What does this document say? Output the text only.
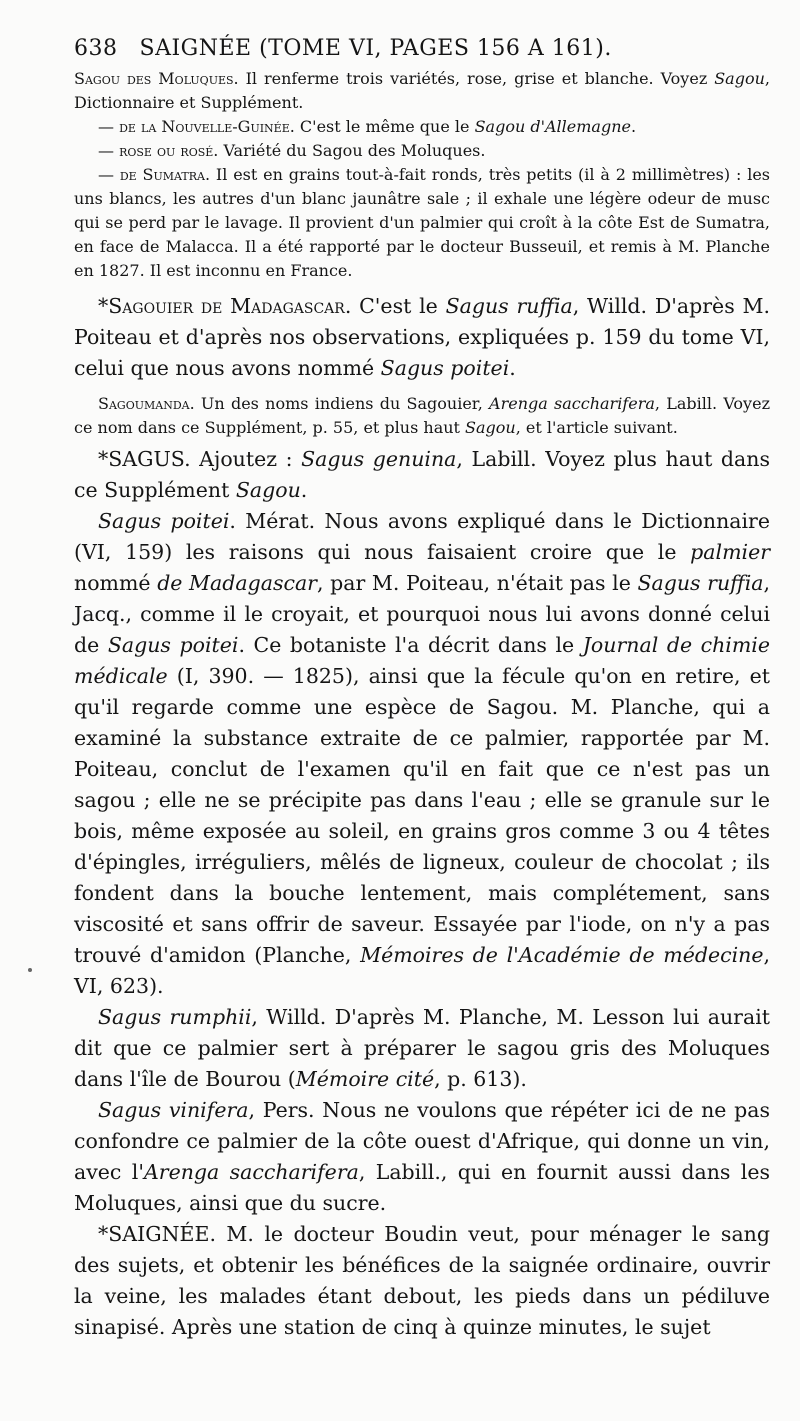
638 SAIGNÉE (TOME VI, PAGES 156 A 161).

Sagou des Moluques. Il renferme trois variétés, rose, grise et blanche. Voyez Sagou, Dictionnaire et Supplément.

— de la Nouvelle-Guinée. C'est le même que le Sagou d'Allemagne.

— rose ou rosé. Variété du Sagou des Moluques.

— de Sumatra. Il est en grains tout-à-fait ronds, très petits (il à 2 millimètres) : les uns blancs, les autres d'un blanc jaunâtre sale ; il exhale une légère odeur de musc qui se perd par le lavage. Il provient d'un palmier qui croît à la côte Est de Sumatra, en face de Malacca. Il a été rapporté par le docteur Busseuil, et remis à M. Planche en 1827. Il est inconnu en France.

*Sagouier de Madagascar. C'est le Sagus ruffia, Willd. D'après M. Poiteau et d'après nos observations, expliquées p. 159 du tome VI, celui que nous avons nommé Sagus poitei.

Sagoumanda. Un des noms indiens du Sagouier, Arenga saccharifera, Labill. Voyez ce nom dans ce Supplément, p. 55, et plus haut Sagou, et l'article suivant.

*SAGUS. Ajoutez : Sagus genuina, Labill. Voyez plus haut dans ce Supplément Sagou.

Sagus poitei. Mérat. Nous avons expliqué dans le Dictionnaire (VI, 159) les raisons qui nous faisaient croire que le palmier nommé de Madagascar, par M. Poiteau, n'était pas le Sagus ruffia, Jacq., comme il le croyait, et pourquoi nous lui avons donné celui de Sagus poitei. Ce botaniste l'a décrit dans le Journal de chimie médicale (I, 390. — 1825), ainsi que la fécule qu'on en retire, et qu'il regarde comme une espèce de Sagou. M. Planche, qui a examiné la substance extraite de ce palmier, rapportée par M. Poiteau, conclut de l'examen qu'il en fait que ce n'est pas un sagou ; elle ne se précipite pas dans l'eau ; elle se granule sur le bois, même exposée au soleil, en grains gros comme 3 ou 4 têtes d'épingles, irréguliers, mêlés de ligneux, couleur de chocolat ; ils fondent dans la bouche lentement, mais complétement, sans viscosité et sans offrir de saveur. Essayée par l'iode, on n'y a pas trouvé d'amidon (Planche, Mémoires de l'Académie de médecine, VI, 623).

Sagus rumphii, Willd. D'après M. Planche, M. Lesson lui aurait dit que ce palmier sert à préparer le sagou gris des Moluques dans l'île de Bourou (Mémoire cité, p. 613).

Sagus vinifera, Pers. Nous ne voulons que répéter ici de ne pas confondre ce palmier de la côte ouest d'Afrique, qui donne un vin, avec l'Arenga saccharifera, Labill., qui en fournit aussi dans les Moluques, ainsi que du sucre.

*SAIGNÉE. M. le docteur Boudin veut, pour ménager le sang des sujets, et obtenir les bénéfices de la saignée ordinaire, ouvrir la veine, les malades étant debout, les pieds dans un pédiluve sinapisé. Après une station de cinq à quinze minutes, le sujet
